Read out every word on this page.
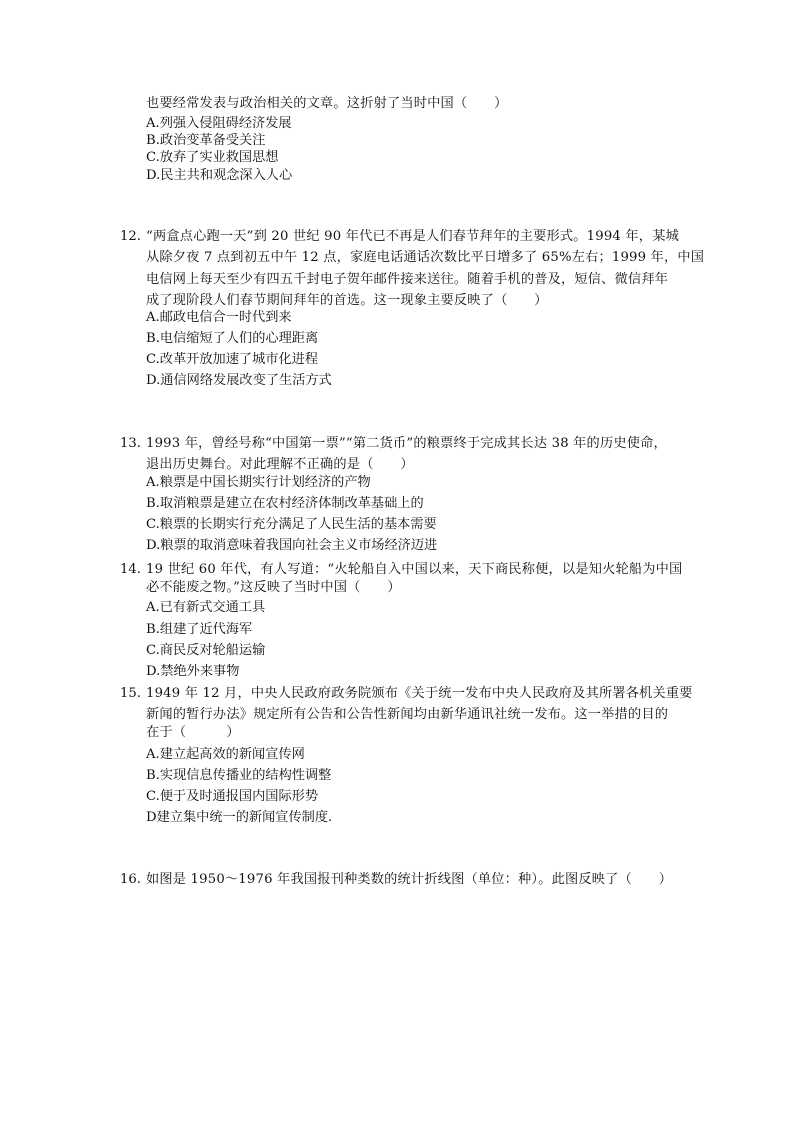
也要经常发表与政治相关的文章。这折射了当时中国（　　）
A.列强入侵阻碍经济发展
B.政治变革备受关注
C.放弃了实业救国思想
D.民主共和观念深入人心
12. “两盒点心跑一天”到 20 世纪 90 年代已不再是人们春节拜年的主要形式。1994 年，某城
从除夕夜 7 点到初五中午 12 点，家庭电话通话次数比平日增多了 65%左右；1999 年，中国
电信网上每天至少有四五千封电子贺年邮件接来送往。随着手机的普及，短信、微信拜年
成了现阶段人们春节期间拜年的首选。这一现象主要反映了（　　）
A.邮政电信合一时代到来
B.电信缩短了人们的心理距离
C.改革开放加速了城市化进程
D.通信网络发展改变了生活方式
13. 1993 年，曾经号称“中国第一票”“第二货币”的粮票终于完成其长达 38 年的历史使命，
退出历史舞台。对此理解不正确的是（　　）
A.粮票是中国长期实行计划经济的产物
B.取消粮票是建立在农村经济体制改革基础上的
C.粮票的长期实行充分满足了人民生活的基本需要
D.粮票的取消意味着我国向社会主义市场经济迈进
14. 19 世纪 60 年代，有人写道：“火轮船自入中国以来，天下商民称便，以是知火轮船为中国
必不能废之物。”这反映了当时中国（　　）
A.已有新式交通工具
B.组建了近代海军
C.商民反对轮船运输
D.禁绝外来事物
15. 1949 年 12 月，中央人民政府政务院颁布《关于统一发布中央人民政府及其所署各机关重要
新闻的暂行办法》规定所有公告和公告性新闻均由新华通讯社统一发布。这一举措的目的
在于（　　　）
A.建立起高效的新闻宣传网
B.实现信息传播业的结构性调整
C.便于及时通报国内国际形势
D建立集中统一的新闻宣传制度.
16. 如图是 1950～1976 年我国报刊种类数的统计折线图（单位：种）。此图反映了（　　）
